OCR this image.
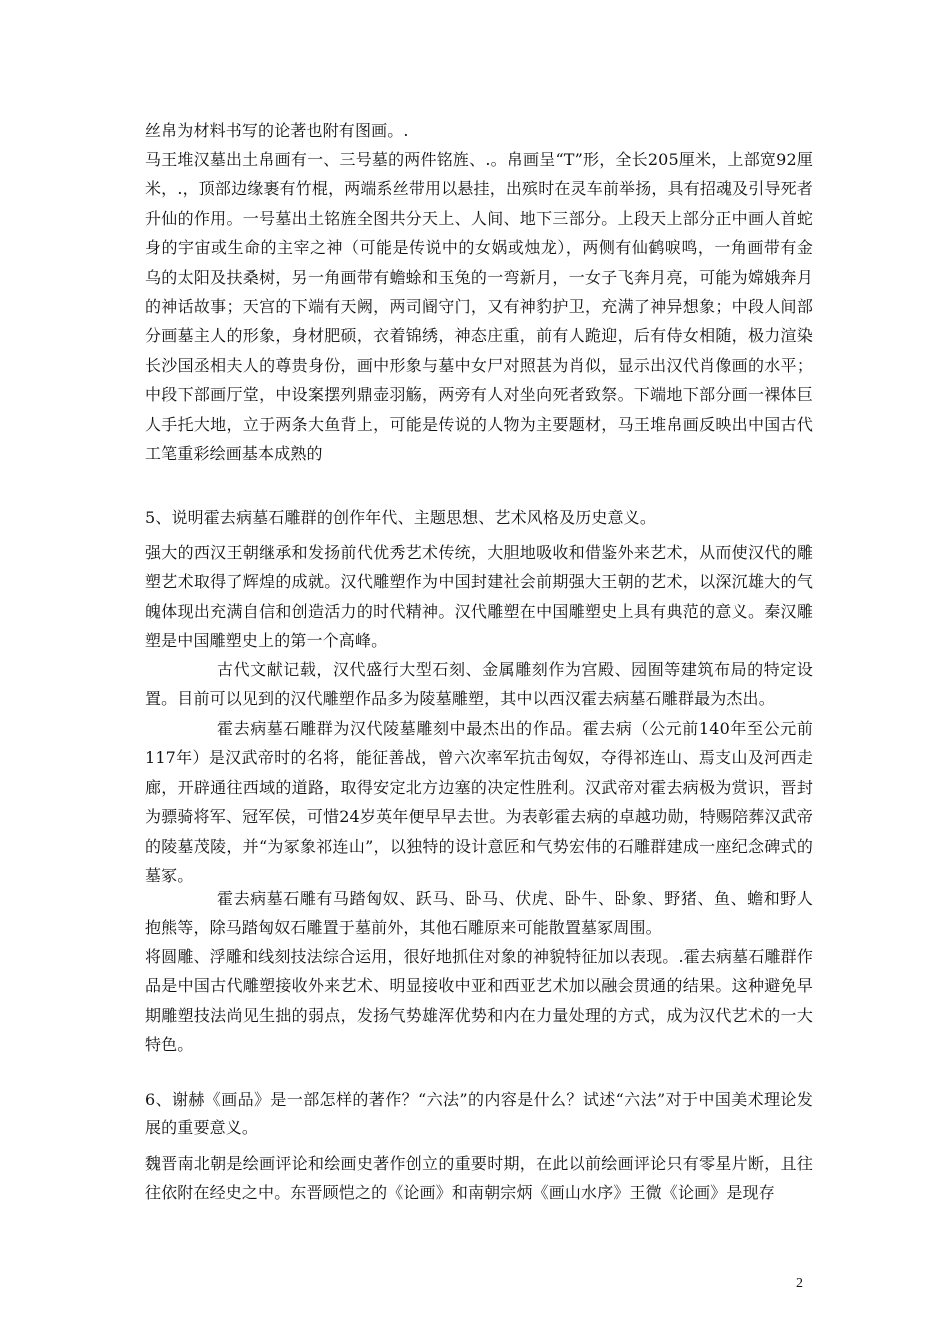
丝帛为材料书写的论著也附有图画。.

马王堆汉墓出土帛画有一、三号墓的两件铭旌、.。帛画呈“T”形，全长205厘米，上部宽92厘米，.，顶部边缘裹有竹棍，两端系丝带用以悬挂，出殡时在灵车前举扬，具有招魂及引导死者升仙的作用。一号墓出土铭旌全图共分天上、人间、地下三部分。上段天上部分正中画人首蛇身的宇宙或生命的主宰之神（可能是传说中的女娲或烛龙），两侧有仙鹤唳鸣，一角画带有金乌的太阳及扶桑树，另一角画带有蟾蜍和玉兔的一弯新月，一女子飞奔月亮，可能为嫦娥奔月的神话故事；天宫的下端有天阙，两司阍守门，又有神豹护卫，充满了神异想象；中段人间部分画墓主人的形象，身材肥硕，衣着锦绣，神态庄重，前有人跪迎，后有侍女相随，极力渲染长沙国丞相夫人的尊贵身份，画中形象与墓中女尸对照甚为肖似，显示出汉代肖像画的水平；中段下部画厅堂，中设案摆列鼎壶羽觞，两旁有人对坐向死者致祭。下端地下部分画一裸体巨人手托大地，立于两条大鱼背上，可能是传说的人物为主要题材，马王堆帛画反映出中国古代工笔重彩绘画基本成熟的

5、说明霍去病墓石雕群的创作年代、主题思想、艺术风格及历史意义。

强大的西汉王朝继承和发扬前代优秀艺术传统，大胆地吸收和借鉴外来艺术，从而使汉代的雕塑艺术取得了辉煌的成就。汉代雕塑作为中国封建社会前期强大王朝的艺术，以深沉雄大的气魄体现出充满自信和创造活力的时代精神。汉代雕塑在中国雕塑史上具有典范的意义。秦汉雕塑是中国雕塑史上的第一个高峰。

古代文献记载，汉代盛行大型石刻、金属雕刻作为宫殿、园囿等建筑布局的特定设置。目前可以见到的汉代雕塑作品多为陵墓雕塑，其中以西汉霍去病墓石雕群最为杰出。

霍去病墓石雕群为汉代陵墓雕刻中最杰出的作品。霍去病（公元前140年至公元前117年）是汉武帝时的名将，能征善战，曾六次率军抗击匈奴，夺得祁连山、焉支山及河西走廊，开辟通往西域的道路，取得安定北方边塞的决定性胜利。汉武帝对霍去病极为赏识，晋封为骠骑将军、冠军侯，可惜24岁英年便早早去世。为表彰霍去病的卓越功勋，特赐陪葬汉武帝的陵墓茂陵，并“为冢象祁连山”，以独特的设计意匠和气势宏伟的石雕群建成一座纪念碑式的墓冢。

霍去病墓石雕有马踏匈奴、跃马、卧马、伏虎、卧牛、卧象、野猪、鱼、蟾和野人抱熊等，除马踏匈奴石雕置于墓前外，其他石雕原来可能散置墓冢周围。

将圆雕、浮雕和线刻技法综合运用，很好地抓住对象的神貌特征加以表现。.霍去病墓石雕群作品是中国古代雕塑接收外来艺术、明显接收中亚和西亚艺术加以融会贯通的结果。这种避免早期雕塑技法尚见生拙的弱点，发扬气势雄浑优势和内在力量处理的方式，成为汉代艺术的一大特色。

6、谢赫《画品》是一部怎样的著作？“六法”的内容是什么？试述“六法”对于中国美术理论发展的重要意义。

魏晋南北朝是绘画评论和绘画史著作创立的重要时期，在此以前绘画评论只有零星片断，且往往依附在经史之中。东晋顾恺之的《论画》和南朝宗炳《画山水序》王微《论画》是现存

2
